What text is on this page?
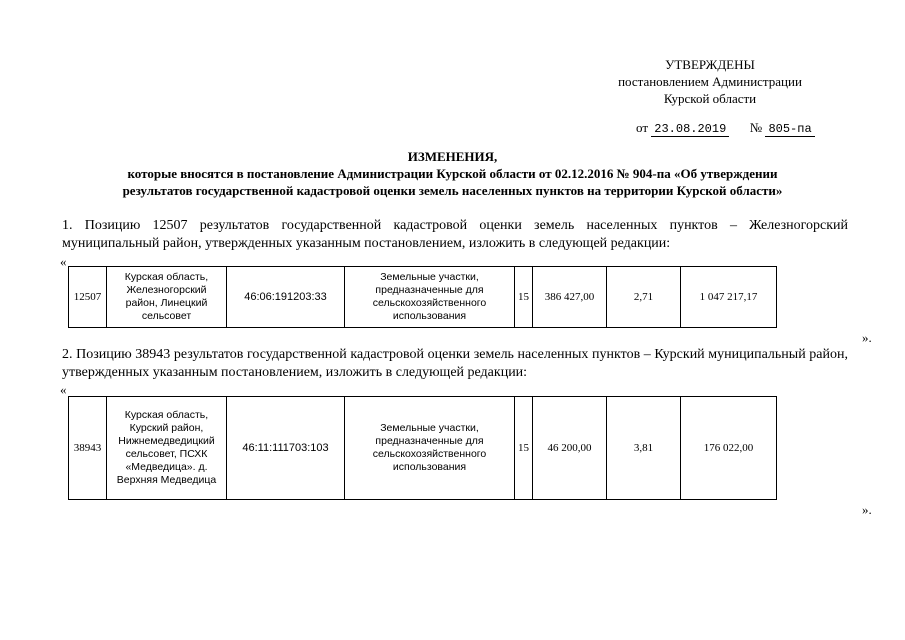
УТВЕРЖДЕНЫ
постановлением Администрации
Курской области
от 23.08.2019 № 805-па
ИЗМЕНЕНИЯ,
которые вносятся в постановление Администрации Курской области от 02.12.2016 № 904-па «Об утверждении
результатов государственной кадастровой оценки земель населенных пунктов на территории Курской области»
1. Позицию 12507 результатов государственной кадастровой оценки земель населенных пунктов – Железногорский муниципальный район, утвержденных указанным постановлением, изложить в следующей редакции:
«
12507	Курская область, Железногорский район, Линецкий сельсовет	46:06:191203:33	Земельные участки, предназначенные для сельскохозяйственного использования	15	386 427,00	2,71	1 047 217,17
».
2. Позицию 38943 результатов государственной кадастровой оценки земель населенных пунктов – Курский муниципальный район, утвержденных указанным постановлением, изложить в следующей редакции:
«
38943	Курская область, Курский район, Нижнемедведицкий сельсовет, ПСХК «Медведица». д. Верхняя Медведица	46:11:111703:103	Земельные участки, предназначенные для сельскохозяйственного использования	15	46 200,00	3,81	176 022,00
».
